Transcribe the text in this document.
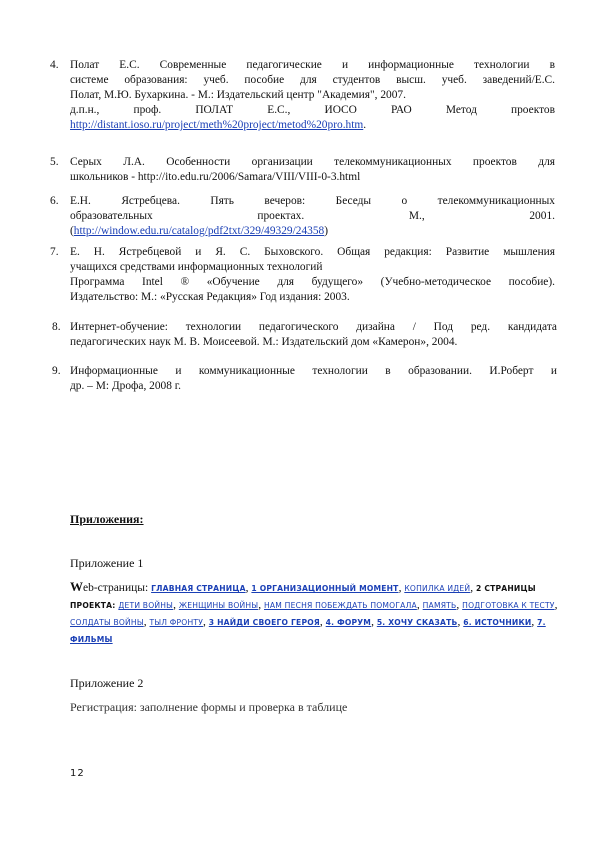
4.	Полат Е.С. Современные педагогические и информационные технологии в
системе образования: учеб. пособие для студентов высш. учеб. заведений/Е.С.
Полат, М.Ю. Бухаркина. - М.: Издательский центр "Академия", 2007.
д.п.н., проф. ПОЛАТ Е.С., ИОСО РАО Метод проектов
http://distant.ioso.ru/project/meth%20project/metod%20pro.htm.
5.	Серых Л.А. Особенности организации телекоммуникационных проектов для
школьников - http://ito.edu.ru/2006/Samara/VIII/VIII-0-3.html
6.	Е.Н. Ястребцева. Пять вечеров: Беседы о телекоммуникационных
образовательных проектах. М., 2001.
(http://window.edu.ru/catalog/pdf2txt/329/49329/24358)
7.	Е. Н. Ястребцевой и Я. С. Быховского. Общая редакция: Развитие мышления
учащихся средствами информационных технологий
Программа Intel ® «Обучение для будущего» (Учебно-методическое пособие).
Издательство: М.: «Русская Редакция» Год издания: 2003.
8. Интернет-обучение: технологии педагогического дизайна / Под ред. кандидата
педагогических наук М. В. Моисеевой. М.: Издательский дом «Камерон», 2004.
9. Информационные и коммуникационные технологии в образовании. И.Роберт и
др. – М: Дрофа, 2008 г.
Приложения:
Приложение 1
Web-страницы: ГЛАВНАЯ СТРАНИЦА, 1 ОРГАНИЗАЦИОННЫЙ МОМЕНТ, КОПИЛКА ИДЕЙ, 2 СТРАНИЦЫ ПРОЕКТА: ДЕТИ ВОЙНЫ, ЖЕНЩИНЫ ВОЙНЫ, НАМ ПЕСНЯ ПОБЕЖДАТЬ ПОМОГАЛА, ПАМЯТЬ, ПОДГОТОВКА К ТЕСТУ, СОЛДАТЫ ВОЙНЫ, ТЫЛ ФРОНТУ, 3 НАЙДИ СВОЕГО ГЕРОЯ, 4. ФОРУМ, 5. ХОЧУ СКАЗАТЬ, 6. ИСТОЧНИКИ, 7. ФИЛЬМЫ
Приложение 2
Регистрация: заполнение формы и проверка в таблице
12
